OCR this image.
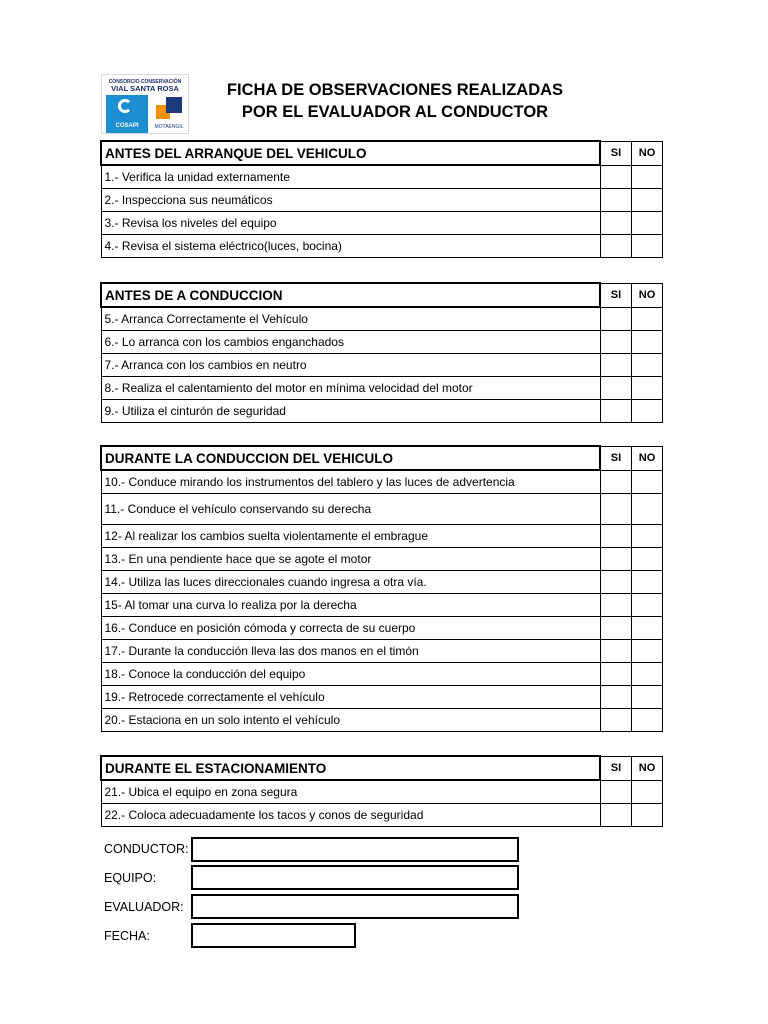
CONSORCIO CONSERVACIÓN
VIAL SANTA ROSA
COSAPI	MOTAENGIL
FICHA DE OBSERVACIONES REALIZADAS
POR EL EVALUADOR AL CONDUCTOR
ANTES DEL ARRANQUE DEL VEHICULO	SI	NO
1.- Verifica la unidad externamente		
2.- Inspecciona sus neumáticos		
3.- Revisa los niveles del equipo		
4.- Revisa el sistema eléctrico(luces, bocina)		
ANTES DE A CONDUCCION	SI	NO
5.- Arranca Correctamente el Vehículo		
6.- Lo arranca con los cambios enganchados		
7.- Arranca con los cambios en neutro		
8.- Realiza el calentamiento del motor en mínima velocidad del motor		
9.- Utiliza el cinturón de seguridad		
DURANTE LA CONDUCCION DEL VEHICULO	SI	NO
10.- Conduce mirando los instrumentos del tablero y las luces de advertencia		
11.- Conduce el vehículo conservando su derecha		
12- Al realizar los cambios suelta violentamente el embrague		
13.- En una pendiente hace que se agote el motor		
14.- Utiliza las luces direccionales cuando ingresa a otra vía.		
15- Al tomar una curva lo realiza por la derecha		
16.- Conduce en posición cómoda y correcta de su cuerpo		
17.- Durante la conducción lleva las dos manos en el timón		
18.- Conoce la conducción del equipo		
19.- Retrocede correctamente el vehículo		
20.- Estaciona en un solo intento el vehículo		
DURANTE EL ESTACIONAMIENTO	SI	NO
21.- Ubica el equipo en zona segura		
22.- Coloca adecuadamente los tacos y conos de seguridad		
CONDUCTOR:
EQUIPO:
EVALUADOR:
FECHA:
